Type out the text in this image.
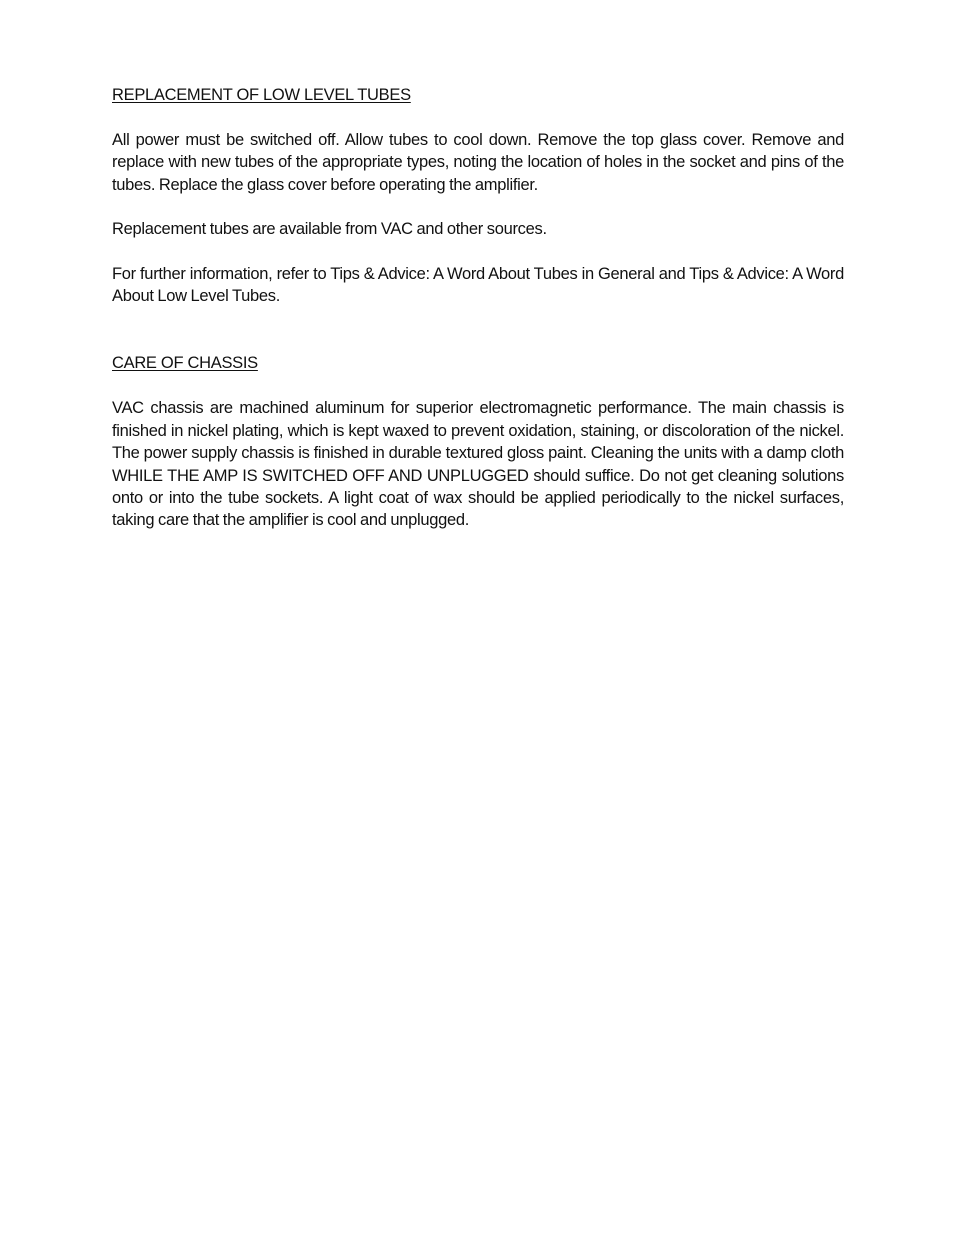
REPLACEMENT OF LOW LEVEL TUBES

All power must be switched off. Allow tubes to cool down. Remove the top glass cover. Remove and replace with new tubes of the appropriate types, noting the location of holes in the socket and pins of the tubes. Replace the glass cover before operating the amplifier.

Replacement tubes are available from VAC and other sources.

For further information, refer to Tips & Advice: A Word About Tubes in General and Tips & Advice: A Word About Low Level Tubes.

CARE OF CHASSIS

VAC chassis are machined aluminum for superior electromagnetic performance. The main chassis is finished in nickel plating, which is kept waxed to prevent oxidation, staining, or discoloration of the nickel. The power supply chassis is finished in durable textured gloss paint. Cleaning the units with a damp cloth WHILE THE AMP IS SWITCHED OFF AND UNPLUGGED should suffice. Do not get cleaning solutions onto or into the tube sockets. A light coat of wax should be applied periodically to the nickel surfaces, taking care that the amplifier is cool and unplugged.
